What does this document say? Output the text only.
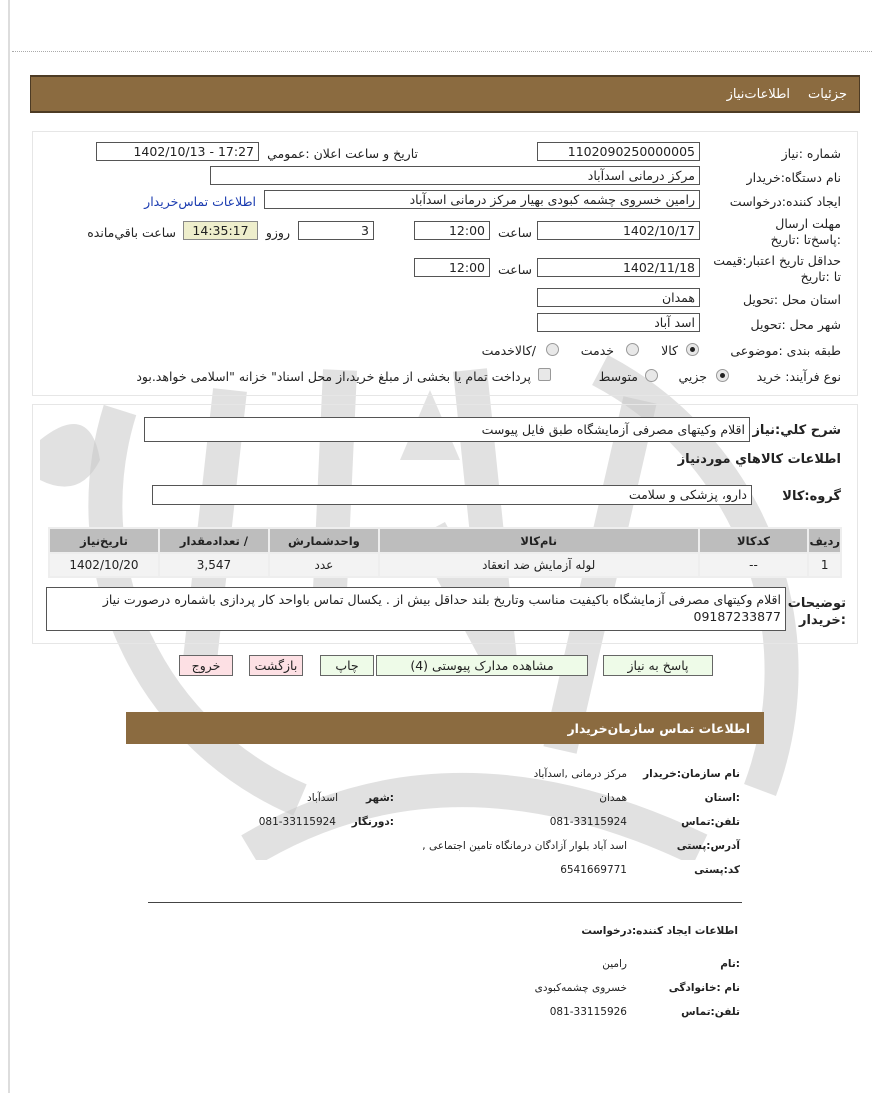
جزئیات
اطلاعات‌نیاز
شماره :نیاز
1102090250000005
تاریخ و ساعت اعلان :عمومي
1402/10/13 - 17:27
نام دستگاه:خریدار
مرکز درمانی اسدآباد
ایجاد کننده:درخواست
رامین خسروی چشمه کبودی بهیار مرکز درمانی اسدآباد
اطلاعات تماس‌خریدار
مهلت ارسال :پاسخ‌تا :تاریخ
1402/10/17
ساعت
12:00
3
روزو
14:35:17
ساعت باقي‌مانده
حداقل تاریخ اعتبار:قیمت تا :تاریخ
1402/11/18
ساعت
12:00
استان محل :تحویل
همدان
شهر محل :تحویل
اسد آباد
طبقه بندی :موضوعی
کالا
خدمت
/کالاخدمت
نوع فرآیند: خرید
جزیي
متوسط
پرداخت تمام یا بخشی از مبلغ خرید،از محل اسناد" خزانه "اسلامی خواهد.بود
شرح کلي:نیاز
اقلام وکیتهای مصرفی آزمایشگاه طبق فایل پیوست
اطلاعات کالاهاي موردنیاز
گروه:کالا
دارو، پزشکی و سلامت
ردیف	کدکالا	نام‌کالا	واحدشمارش	/ تعدادمقدار	تاریخ‌نیاز
1	--	لوله آزمایش ضد انعقاد	عدد	3,547	1402/10/20
توضیحات :خریدار
اقلام وکیتهای مصرفی آزمایشگاه باکیفیت مناسب وتاریخ بلند حداقل بیش از . یکسال تماس باواحد کار پردازی باشماره درصورت نیاز 09187233877
پاسخ به نیاز
مشاهده مدارک پیوستی (4)
چاپ
بازگشت
خروج
اطلاعات تماس سازمان‌خریدار
نام سازمان:خریدار
مرکز درمانی ,اسدآباد
:استان
همدان
:شهر
اسدآباد
تلفن:تماس
081-33115924
:دورنگار
081-33115924
آدرس:پستی
اسد آباد بلوار آزادگان درمانگاه تامین اجتماعی ,
کد:پستی
6541669771
اطلاعات ایجاد کننده:درخواست
:نام
رامین
نام :خانوادگی
خسروی چشمه‌کبودی
تلفن:تماس
081-33115926
